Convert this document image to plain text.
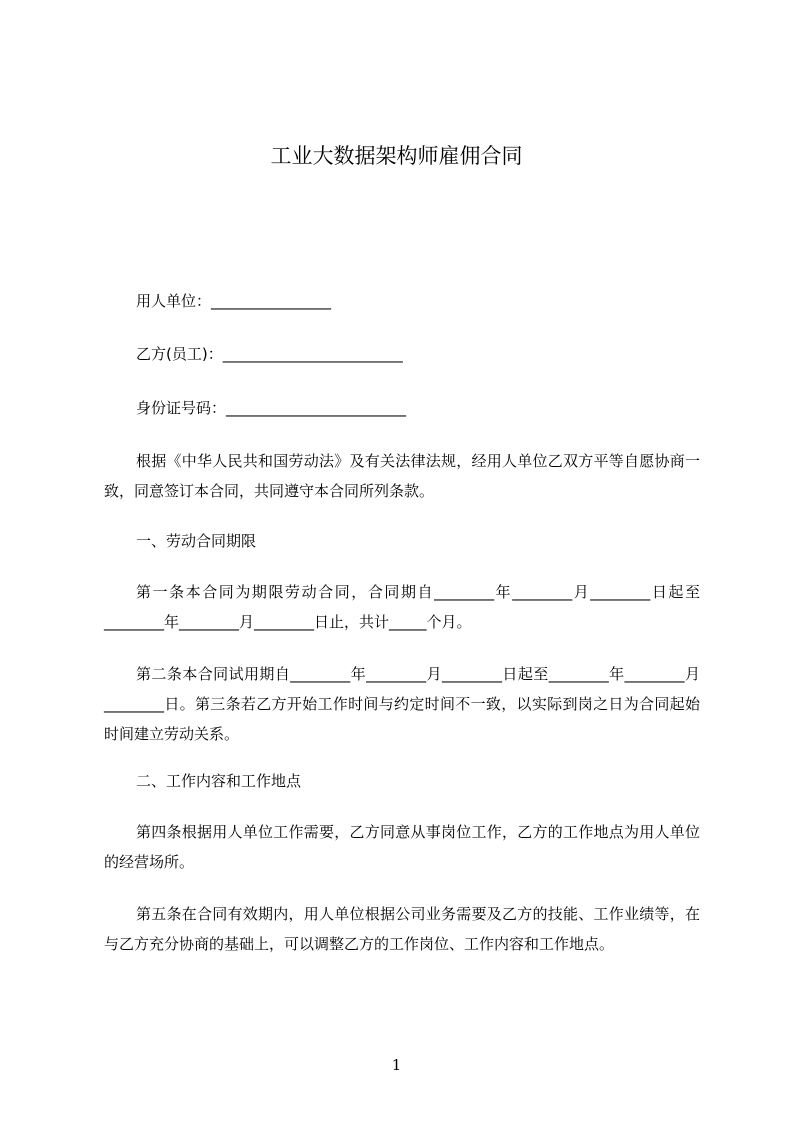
工业大数据架构师雇佣合同
用人单位：________________
乙方(员工)：________________________
身份证号码：________________________
根据《中华人民共和国劳动法》及有关法律法规，经用人单位乙双方平等自愿协商一致，同意签订本合同，共同遵守本合同所列条款。
一、劳动合同期限
第一条本合同为期限劳动合同，合同期自________年________月________日起至________年________月________日止，共计_____个月。
第二条本合同试用期自________年________月________日起至________年________月________日。第三条若乙方开始工作时间与约定时间不一致，以实际到岗之日为合同起始时间建立劳动关系。
二、工作内容和工作地点
第四条根据用人单位工作需要，乙方同意从事岗位工作，乙方的工作地点为用人单位的经营场所。
第五条在合同有效期内，用人单位根据公司业务需要及乙方的技能、工作业绩等，在与乙方充分协商的基础上，可以调整乙方的工作岗位、工作内容和工作地点。
1
